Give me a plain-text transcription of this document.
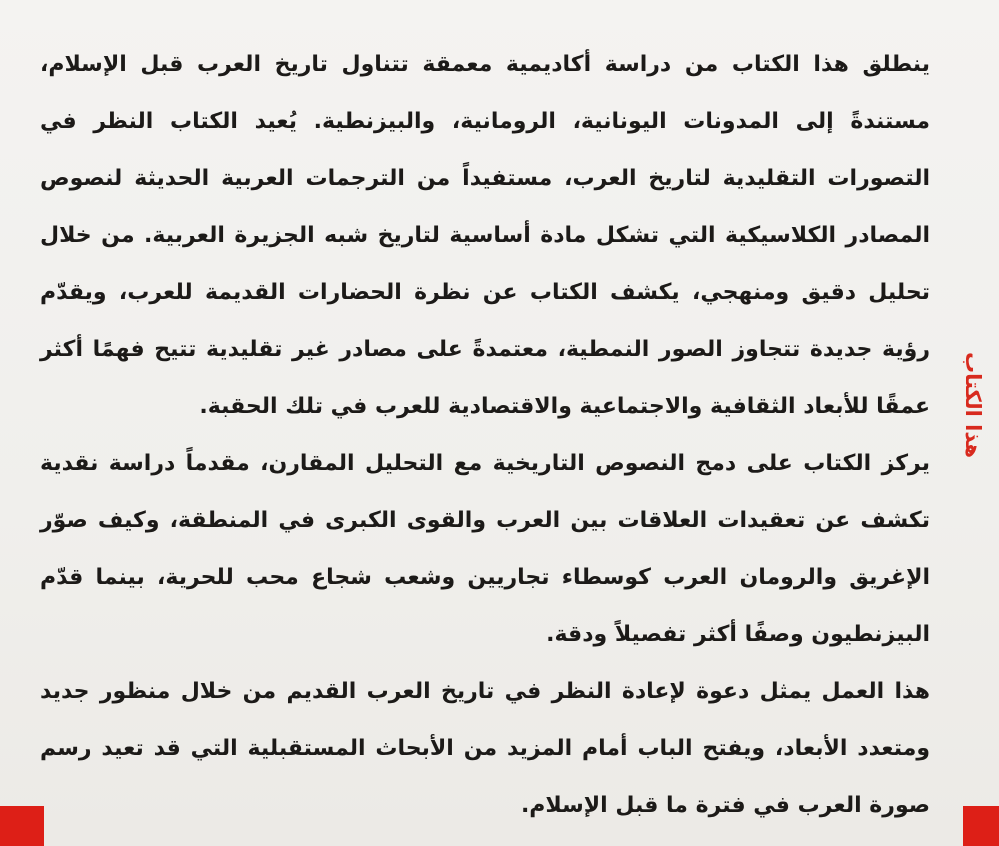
ينطلق هذا الكتاب من دراسة أكاديمية معمقة تتناول تاريخ العرب قبل الإسلام، مستندةً إلى المدونات اليونانية، الرومانية، والبيزنطية. يُعيد الكتاب النظر في التصورات التقليدية لتاريخ العرب، مستفيداً من الترجمات العربية الحديثة لنصوص المصادر الكلاسيكية التي تشكل مادة أساسية لتاريخ شبه الجزيرة العربية. من خلال تحليل دقيق ومنهجي، يكشف الكتاب عن نظرة الحضارات القديمة للعرب، ويقدّم رؤية جديدة تتجاوز الصور النمطية، معتمدةً على مصادر غير تقليدية تتيح فهمًا أكثر عمقًا للأبعاد الثقافية والاجتماعية والاقتصادية للعرب في تلك الحقبة.

يركز الكتاب على دمج النصوص التاريخية مع التحليل المقارن، مقدماً دراسة نقدية تكشف عن تعقيدات العلاقات بين العرب والقوى الكبرى في المنطقة، وكيف صوّر الإغريق والرومان العرب كوسطاء تجاريين وشعب شجاع محب للحرية، بينما قدّم البيزنطيون وصفًا أكثر تفصيلاً ودقة.

هذا العمل يمثل دعوة لإعادة النظر في تاريخ العرب القديم من خلال منظور جديد ومتعدد الأبعاد، ويفتح الباب أمام المزيد من الأبحاث المستقبلية التي قد تعيد رسم صورة العرب في فترة ما قبل الإسلام.

هذا الكتاب
